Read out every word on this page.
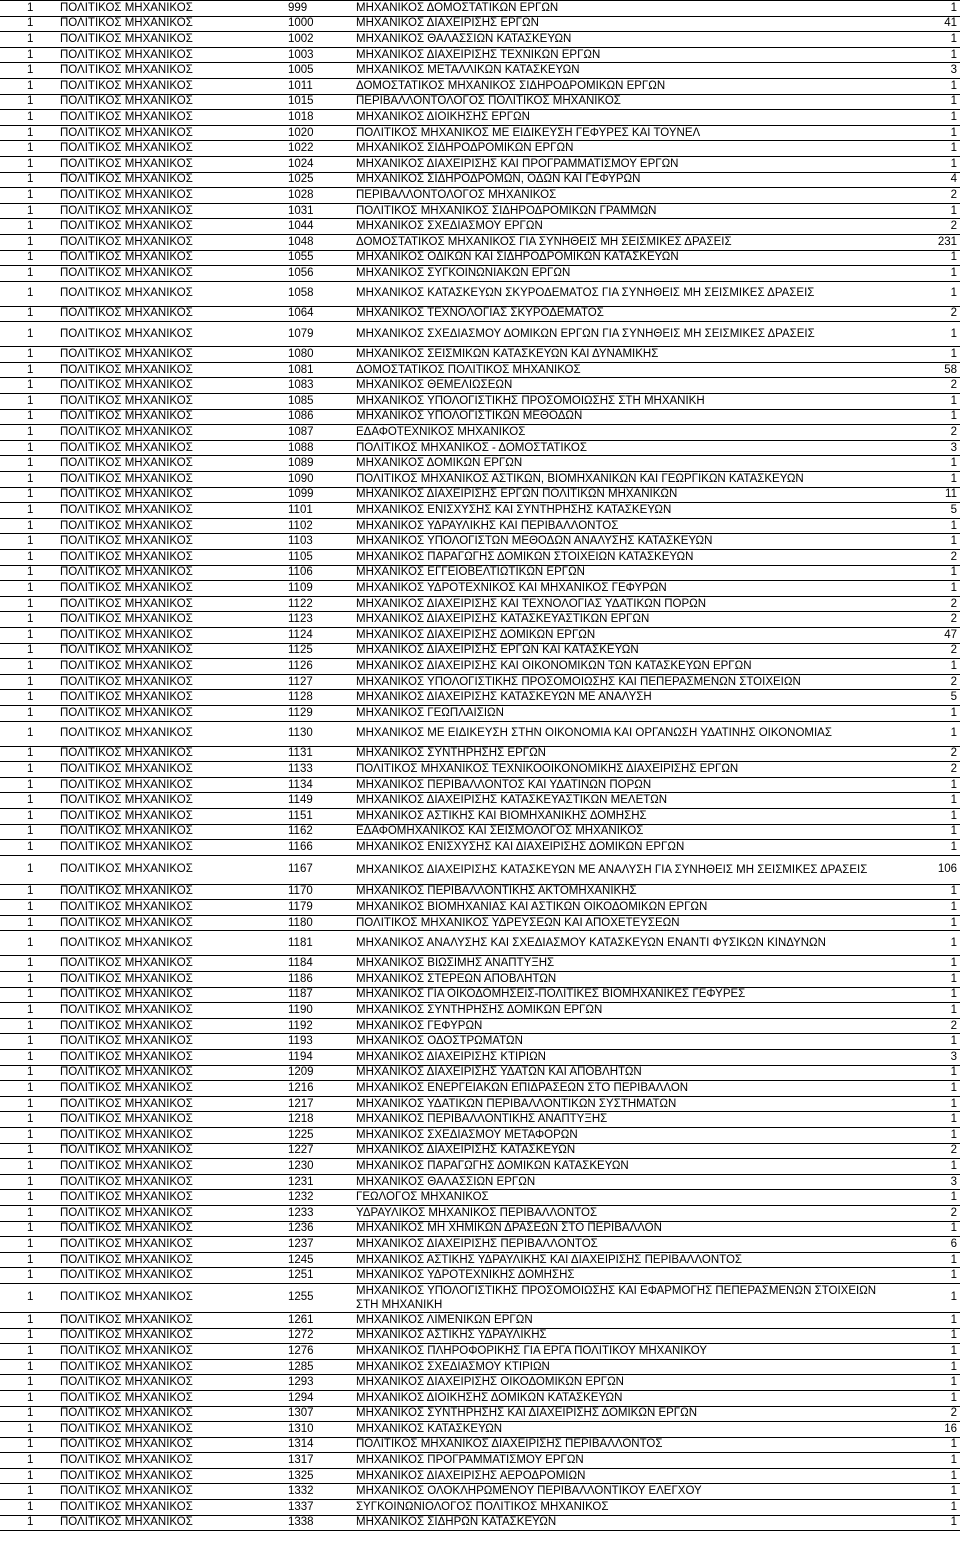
1	ΠΟΛΙΤΙΚΟΣ ΜΗΧΑΝΙΚΟΣ	999	ΜΗΧΑΝΙΚΟΣ ΔΟΜΟΣΤΑΤΙΚΩΝ ΕΡΓΩΝ	1
1	ΠΟΛΙΤΙΚΟΣ ΜΗΧΑΝΙΚΟΣ	1000	ΜΗΧΑΝΙΚΟΣ ΔΙΑΧΕΙΡΙΣΗΣ ΕΡΓΩΝ	41
1	ΠΟΛΙΤΙΚΟΣ ΜΗΧΑΝΙΚΟΣ	1002	ΜΗΧΑΝΙΚΟΣ ΘΑΛΑΣΣΙΩΝ ΚΑΤΑΣΚΕΥΩΝ	1
1	ΠΟΛΙΤΙΚΟΣ ΜΗΧΑΝΙΚΟΣ	1003	ΜΗΧΑΝΙΚΟΣ ΔΙΑΧΕΙΡΙΣΗΣ ΤΕΧΝΙΚΩΝ ΕΡΓΩΝ	1
1	ΠΟΛΙΤΙΚΟΣ ΜΗΧΑΝΙΚΟΣ	1005	ΜΗΧΑΝΙΚΟΣ ΜΕΤΑΛΛΙΚΩΝ ΚΑΤΑΣΚΕΥΩΝ	3
1	ΠΟΛΙΤΙΚΟΣ ΜΗΧΑΝΙΚΟΣ	1011	ΔΟΜΟΣΤΑΤΙΚΟΣ ΜΗΧΑΝΙΚΟΣ ΣΙΔΗΡΟΔΡΟΜΙΚΩΝ ΕΡΓΩΝ	1
1	ΠΟΛΙΤΙΚΟΣ ΜΗΧΑΝΙΚΟΣ	1015	ΠΕΡΙΒΑΛΛΟΝΤΟΛΟΓΟΣ ΠΟΛΙΤΙΚΟΣ ΜΗΧΑΝΙΚΟΣ	1
1	ΠΟΛΙΤΙΚΟΣ ΜΗΧΑΝΙΚΟΣ	1018	ΜΗΧΑΝΙΚΟΣ ΔΙΟΙΚΗΣΗΣ ΕΡΓΩΝ	1
1	ΠΟΛΙΤΙΚΟΣ ΜΗΧΑΝΙΚΟΣ	1020	ΠΟΛΙΤΙΚΟΣ ΜΗΧΑΝΙΚΟΣ ΜΕ ΕΙΔΙΚΕΥΣΗ ΓΕΦΥΡΕΣ ΚΑΙ ΤΟΥΝΕΛ	1
1	ΠΟΛΙΤΙΚΟΣ ΜΗΧΑΝΙΚΟΣ	1022	ΜΗΧΑΝΙΚΟΣ ΣΙΔΗΡΟΔΡΟΜΙΚΩΝ ΕΡΓΩΝ	1
1	ΠΟΛΙΤΙΚΟΣ ΜΗΧΑΝΙΚΟΣ	1024	ΜΗΧΑΝΙΚΟΣ ΔΙΑΧΕΙΡΙΣΗΣ ΚΑΙ ΠΡΟΓΡΑΜΜΑΤΙΣΜΟΥ ΕΡΓΩΝ	1
1	ΠΟΛΙΤΙΚΟΣ ΜΗΧΑΝΙΚΟΣ	1025	ΜΗΧΑΝΙΚΟΣ ΣΙΔΗΡΟΔΡΟΜΩΝ, ΟΔΩΝ ΚΑΙ ΓΕΦΥΡΩΝ	4
1	ΠΟΛΙΤΙΚΟΣ ΜΗΧΑΝΙΚΟΣ	1028	ΠΕΡΙΒΑΛΛΟΝΤΟΛΟΓΟΣ ΜΗΧΑΝΙΚΟΣ	2
1	ΠΟΛΙΤΙΚΟΣ ΜΗΧΑΝΙΚΟΣ	1031	ΠΟΛΙΤΙΚΟΣ ΜΗΧΑΝΙΚΟΣ ΣΙΔΗΡΟΔΡΟΜΙΚΩΝ ΓΡΑΜΜΩΝ	1
1	ΠΟΛΙΤΙΚΟΣ ΜΗΧΑΝΙΚΟΣ	1044	ΜΗΧΑΝΙΚΟΣ ΣΧΕΔΙΑΣΜΟΥ ΕΡΓΩΝ	2
1	ΠΟΛΙΤΙΚΟΣ ΜΗΧΑΝΙΚΟΣ	1048	ΔΟΜΟΣΤΑΤΙΚΟΣ ΜΗΧΑΝΙΚΟΣ ΓΙΑ ΣΥΝΗΘΕΙΣ ΜΗ ΣΕΙΣΜΙΚΕΣ ΔΡΑΣΕΙΣ	231
1	ΠΟΛΙΤΙΚΟΣ ΜΗΧΑΝΙΚΟΣ	1055	ΜΗΧΑΝΙΚΟΣ ΟΔΙΚΩΝ ΚΑΙ ΣΙΔΗΡΟΔΡΟΜΙΚΩΝ ΚΑΤΑΣΚΕΥΩΝ	1
1	ΠΟΛΙΤΙΚΟΣ ΜΗΧΑΝΙΚΟΣ	1056	ΜΗΧΑΝΙΚΟΣ ΣΥΓΚΟΙΝΩΝΙΑΚΩΝ ΕΡΓΩΝ	1
1	ΠΟΛΙΤΙΚΟΣ ΜΗΧΑΝΙΚΟΣ	1058	ΜΗΧΑΝΙΚΟΣ ΚΑΤΑΣΚΕΥΩΝ ΣΚΥΡΟΔΕΜΑΤΟΣ ΓΙΑ ΣΥΝΗΘΕΙΣ ΜΗ ΣΕΙΣΜΙΚΕΣ ΔΡΑΣΕΙΣ	1
1	ΠΟΛΙΤΙΚΟΣ ΜΗΧΑΝΙΚΟΣ	1064	ΜΗΧΑΝΙΚΟΣ ΤΕΧΝΟΛΟΓΙΑΣ ΣΚΥΡΟΔΕΜΑΤΟΣ	2
1	ΠΟΛΙΤΙΚΟΣ ΜΗΧΑΝΙΚΟΣ	1079	ΜΗΧΑΝΙΚΟΣ ΣΧΕΔΙΑΣΜΟΥ ΔΟΜΙΚΩΝ ΕΡΓΩΝ ΓΙΑ ΣΥΝΗΘΕΙΣ ΜΗ ΣΕΙΣΜΙΚΕΣ ΔΡΑΣΕΙΣ	1
1	ΠΟΛΙΤΙΚΟΣ ΜΗΧΑΝΙΚΟΣ	1080	ΜΗΧΑΝΙΚΟΣ ΣΕΙΣΜΙΚΩΝ ΚΑΤΑΣΚΕΥΩΝ ΚΑΙ ΔΥΝΑΜΙΚΗΣ	1
1	ΠΟΛΙΤΙΚΟΣ ΜΗΧΑΝΙΚΟΣ	1081	ΔΟΜΟΣΤΑΤΙΚΟΣ ΠΟΛΙΤΙΚΟΣ ΜΗΧΑΝΙΚΟΣ	58
1	ΠΟΛΙΤΙΚΟΣ ΜΗΧΑΝΙΚΟΣ	1083	ΜΗΧΑΝΙΚΟΣ ΘΕΜΕΛΙΩΣΕΩΝ	2
1	ΠΟΛΙΤΙΚΟΣ ΜΗΧΑΝΙΚΟΣ	1085	ΜΗΧΑΝΙΚΟΣ ΥΠΟΛΟΓΙΣΤΙΚΗΣ ΠΡΟΣΟΜΟΙΩΣΗΣ ΣΤΗ ΜΗΧΑΝΙΚΗ	1
1	ΠΟΛΙΤΙΚΟΣ ΜΗΧΑΝΙΚΟΣ	1086	ΜΗΧΑΝΙΚΟΣ ΥΠΟΛΟΓΙΣΤΙΚΩΝ ΜΕΘΟΔΩΝ	1
1	ΠΟΛΙΤΙΚΟΣ ΜΗΧΑΝΙΚΟΣ	1087	ΕΔΑΦΟΤΕΧΝΙΚΟΣ ΜΗΧΑΝΙΚΟΣ	2
1	ΠΟΛΙΤΙΚΟΣ ΜΗΧΑΝΙΚΟΣ	1088	ΠΟΛΙΤΙΚΟΣ ΜΗΧΑΝΙΚΟΣ - ΔΟΜΟΣΤΑΤΙΚΟΣ	3
1	ΠΟΛΙΤΙΚΟΣ ΜΗΧΑΝΙΚΟΣ	1089	ΜΗΧΑΝΙΚΟΣ ΔΟΜΙΚΩΝ ΕΡΓΩΝ	1
1	ΠΟΛΙΤΙΚΟΣ ΜΗΧΑΝΙΚΟΣ	1090	ΠΟΛΙΤΙΚΟΣ ΜΗΧΑΝΙΚΟΣ ΑΣΤΙΚΩΝ, ΒΙΟΜΗΧΑΝΙΚΩΝ ΚΑΙ ΓΕΩΡΓΙΚΩΝ ΚΑΤΑΣΚΕΥΩΝ	1
1	ΠΟΛΙΤΙΚΟΣ ΜΗΧΑΝΙΚΟΣ	1099	ΜΗΧΑΝΙΚΟΣ ΔΙΑΧΕΙΡΙΣΗΣ ΕΡΓΩΝ ΠΟΛΙΤΙΚΩΝ ΜΗΧΑΝΙΚΩΝ	11
1	ΠΟΛΙΤΙΚΟΣ ΜΗΧΑΝΙΚΟΣ	1101	ΜΗΧΑΝΙΚΟΣ ΕΝΙΣΧΥΣΗΣ ΚΑΙ ΣΥΝΤΗΡΗΣΗΣ ΚΑΤΑΣΚΕΥΩΝ	5
1	ΠΟΛΙΤΙΚΟΣ ΜΗΧΑΝΙΚΟΣ	1102	ΜΗΧΑΝΙΚΟΣ ΥΔΡΑΥΛΙΚΗΣ ΚΑΙ ΠΕΡΙΒΑΛΛΟΝΤΟΣ	1
1	ΠΟΛΙΤΙΚΟΣ ΜΗΧΑΝΙΚΟΣ	1103	ΜΗΧΑΝΙΚΟΣ ΥΠΟΛΟΓΙΣΤΩΝ ΜΕΘΟΔΩΝ ΑΝΑΛΥΣΗΣ ΚΑΤΑΣΚΕΥΩΝ	1
1	ΠΟΛΙΤΙΚΟΣ ΜΗΧΑΝΙΚΟΣ	1105	ΜΗΧΑΝΙΚΟΣ ΠΑΡΑΓΩΓΗΣ ΔΟΜΙΚΩΝ ΣΤΟΙΧΕΙΩΝ ΚΑΤΑΣΚΕΥΩΝ	2
1	ΠΟΛΙΤΙΚΟΣ ΜΗΧΑΝΙΚΟΣ	1106	ΜΗΧΑΝΙΚΟΣ ΕΓΓΕΙΟΒΕΛΤΙΩΤΙΚΩΝ ΕΡΓΩΝ	1
1	ΠΟΛΙΤΙΚΟΣ ΜΗΧΑΝΙΚΟΣ	1109	ΜΗΧΑΝΙΚΟΣ ΥΔΡΟΤΕΧΝΙΚΟΣ ΚΑΙ ΜΗΧΑΝΙΚΟΣ ΓΕΦΥΡΩΝ	1
1	ΠΟΛΙΤΙΚΟΣ ΜΗΧΑΝΙΚΟΣ	1122	ΜΗΧΑΝΙΚΟΣ ΔΙΑΧΕΙΡΙΣΗΣ ΚΑΙ ΤΕΧΝΟΛΟΓΙΑΣ ΥΔΑΤΙΚΩΝ ΠΟΡΩΝ	2
1	ΠΟΛΙΤΙΚΟΣ ΜΗΧΑΝΙΚΟΣ	1123	ΜΗΧΑΝΙΚΟΣ ΔΙΑΧΕΙΡΙΣΗΣ ΚΑΤΑΣΚΕΥΑΣΤΙΚΩΝ ΕΡΓΩΝ	2
1	ΠΟΛΙΤΙΚΟΣ ΜΗΧΑΝΙΚΟΣ	1124	ΜΗΧΑΝΙΚΟΣ ΔΙΑΧΕΙΡΙΣΗΣ ΔΟΜΙΚΩΝ ΕΡΓΩΝ	47
1	ΠΟΛΙΤΙΚΟΣ ΜΗΧΑΝΙΚΟΣ	1125	ΜΗΧΑΝΙΚΟΣ ΔΙΑΧΕΙΡΙΣΗΣ ΕΡΓΩΝ ΚΑΙ ΚΑΤΑΣΚΕΥΩΝ	2
1	ΠΟΛΙΤΙΚΟΣ ΜΗΧΑΝΙΚΟΣ	1126	ΜΗΧΑΝΙΚΟΣ ΔΙΑΧΕΙΡΙΣΗΣ ΚΑΙ ΟΙΚΟΝΟΜΙΚΩΝ ΤΩΝ ΚΑΤΑΣΚΕΥΩΝ ΕΡΓΩΝ	1
1	ΠΟΛΙΤΙΚΟΣ ΜΗΧΑΝΙΚΟΣ	1127	ΜΗΧΑΝΙΚΟΣ ΥΠΟΛΟΓΙΣΤΙΚΗΣ ΠΡΟΣΟΜΟΙΩΣΗΣ ΚΑΙ ΠΕΠΕΡΑΣΜΕΝΩΝ ΣΤΟΙΧΕΙΩΝ	2
1	ΠΟΛΙΤΙΚΟΣ ΜΗΧΑΝΙΚΟΣ	1128	ΜΗΧΑΝΙΚΟΣ ΔΙΑΧΕΙΡΙΣΗΣ ΚΑΤΑΣΚΕΥΩΝ ΜΕ ΑΝΑΛΥΣΗ	5
1	ΠΟΛΙΤΙΚΟΣ ΜΗΧΑΝΙΚΟΣ	1129	ΜΗΧΑΝΙΚΟΣ ΓΕΩΠΛΑΙΣΙΩΝ	1
1	ΠΟΛΙΤΙΚΟΣ ΜΗΧΑΝΙΚΟΣ	1130	ΜΗΧΑΝΙΚΟΣ ΜΕ ΕΙΔΙΚΕΥΣΗ ΣΤΗΝ ΟΙΚΟΝΟΜΙΑ ΚΑΙ ΟΡΓΑΝΩΣΗ ΥΔΑΤΙΝΗΣ ΟΙΚΟΝΟΜΙΑΣ	1
1	ΠΟΛΙΤΙΚΟΣ ΜΗΧΑΝΙΚΟΣ	1131	ΜΗΧΑΝΙΚΟΣ ΣΥΝΤΗΡΗΣΗΣ ΕΡΓΩΝ	2
1	ΠΟΛΙΤΙΚΟΣ ΜΗΧΑΝΙΚΟΣ	1133	ΠΟΛΙΤΙΚΟΣ ΜΗΧΑΝΙΚΟΣ ΤΕΧΝΙΚΟΟΙΚΟΝΟΜΙΚΗΣ ΔΙΑΧΕΙΡΙΣΗΣ ΕΡΓΩΝ	2
1	ΠΟΛΙΤΙΚΟΣ ΜΗΧΑΝΙΚΟΣ	1134	ΜΗΧΑΝΙΚΟΣ ΠΕΡΙΒΑΛΛΟΝΤΟΣ ΚΑΙ ΥΔΑΤΙΝΩΝ ΠΟΡΩΝ	1
1	ΠΟΛΙΤΙΚΟΣ ΜΗΧΑΝΙΚΟΣ	1149	ΜΗΧΑΝΙΚΟΣ ΔΙΑΧΕΙΡΙΣΗΣ ΚΑΤΑΣΚΕΥΑΣΤΙΚΩΝ ΜΕΛΕΤΩΝ	1
1	ΠΟΛΙΤΙΚΟΣ ΜΗΧΑΝΙΚΟΣ	1151	ΜΗΧΑΝΙΚΟΣ ΑΣΤΙΚΗΣ ΚΑΙ ΒΙΟΜΗΧΑΝΙΚΗΣ ΔΟΜΗΣΗΣ	1
1	ΠΟΛΙΤΙΚΟΣ ΜΗΧΑΝΙΚΟΣ	1162	ΕΔΑΦΟΜΗΧΑΝΙΚΟΣ ΚΑΙ ΣΕΙΣΜΟΛΟΓΟΣ ΜΗΧΑΝΙΚΟΣ	1
1	ΠΟΛΙΤΙΚΟΣ ΜΗΧΑΝΙΚΟΣ	1166	ΜΗΧΑΝΙΚΟΣ ΕΝΙΣΧΥΣΗΣ ΚΑΙ ΔΙΑΧΕΙΡΙΣΗΣ ΔΟΜΙΚΩΝ ΕΡΓΩΝ	1
1	ΠΟΛΙΤΙΚΟΣ ΜΗΧΑΝΙΚΟΣ	1167	ΜΗΧΑΝΙΚΟΣ ΔΙΑΧΕΙΡΙΣΗΣ ΚΑΤΑΣΚΕΥΩΝ ΜΕ ΑΝΑΛΥΣΗ ΓΙΑ ΣΥΝΗΘΕΙΣ ΜΗ ΣΕΙΣΜΙΚΕΣ ΔΡΑΣΕΙΣ	106
1	ΠΟΛΙΤΙΚΟΣ ΜΗΧΑΝΙΚΟΣ	1170	ΜΗΧΑΝΙΚΟΣ ΠΕΡΙΒΑΛΛΟΝΤΙΚΗΣ ΑΚΤΟΜΗΧΑΝΙΚΗΣ	1
1	ΠΟΛΙΤΙΚΟΣ ΜΗΧΑΝΙΚΟΣ	1179	ΜΗΧΑΝΙΚΟΣ ΒΙΟΜΗΧΑΝΙΑΣ ΚΑΙ ΑΣΤΙΚΩΝ ΟΙΚΟΔΟΜΙΚΩΝ ΕΡΓΩΝ	1
1	ΠΟΛΙΤΙΚΟΣ ΜΗΧΑΝΙΚΟΣ	1180	ΠΟΛΙΤΙΚΟΣ ΜΗΧΑΝΙΚΟΣ ΥΔΡΕΥΣΕΩΝ ΚΑΙ ΑΠΟΧΕΤΕΥΣΕΩΝ	1
1	ΠΟΛΙΤΙΚΟΣ ΜΗΧΑΝΙΚΟΣ	1181	ΜΗΧΑΝΙΚΟΣ ΑΝΑΛΥΣΗΣ ΚΑΙ ΣΧΕΔΙΑΣΜΟΥ ΚΑΤΑΣΚΕΥΩΝ ΕΝΑΝΤΙ ΦΥΣΙΚΩΝ ΚΙΝΔΥΝΩΝ	1
1	ΠΟΛΙΤΙΚΟΣ ΜΗΧΑΝΙΚΟΣ	1184	ΜΗΧΑΝΙΚΟΣ ΒΙΩΣΙΜΗΣ ΑΝΑΠΤΥΞΗΣ	1
1	ΠΟΛΙΤΙΚΟΣ ΜΗΧΑΝΙΚΟΣ	1186	ΜΗΧΑΝΙΚΟΣ ΣΤΕΡΕΩΝ ΑΠΟΒΛΗΤΩΝ	1
1	ΠΟΛΙΤΙΚΟΣ ΜΗΧΑΝΙΚΟΣ	1187	ΜΗΧΑΝΙΚΟΣ ΓΙΑ ΟΙΚΟΔΟΜΗΣΕΙΣ-ΠΟΛΙΤΙΚΕΣ ΒΙΟΜΗΧΑΝΙΚΕΣ ΓΕΦΥΡΕΣ	1
1	ΠΟΛΙΤΙΚΟΣ ΜΗΧΑΝΙΚΟΣ	1190	ΜΗΧΑΝΙΚΟΣ ΣΥΝΤΗΡΗΣΗΣ ΔΟΜΙΚΩΝ ΕΡΓΩΝ	1
1	ΠΟΛΙΤΙΚΟΣ ΜΗΧΑΝΙΚΟΣ	1192	ΜΗΧΑΝΙΚΟΣ ΓΕΦΥΡΩΝ	2
1	ΠΟΛΙΤΙΚΟΣ ΜΗΧΑΝΙΚΟΣ	1193	ΜΗΧΑΝΙΚΟΣ ΟΔΟΣΤΡΩΜΑΤΩΝ	1
1	ΠΟΛΙΤΙΚΟΣ ΜΗΧΑΝΙΚΟΣ	1194	ΜΗΧΑΝΙΚΟΣ ΔΙΑΧΕΙΡΙΣΗΣ ΚΤΙΡΙΩΝ	3
1	ΠΟΛΙΤΙΚΟΣ ΜΗΧΑΝΙΚΟΣ	1209	ΜΗΧΑΝΙΚΟΣ ΔΙΑΧΕΙΡΙΣΗΣ ΥΔΑΤΩΝ ΚΑΙ ΑΠΟΒΛΗΤΩΝ	1
1	ΠΟΛΙΤΙΚΟΣ ΜΗΧΑΝΙΚΟΣ	1216	ΜΗΧΑΝΙΚΟΣ ΕΝΕΡΓΕΙΑΚΩΝ ΕΠΙΔΡΑΣΕΩΝ ΣΤΟ ΠΕΡΙΒΑΛΛΟΝ	1
1	ΠΟΛΙΤΙΚΟΣ ΜΗΧΑΝΙΚΟΣ	1217	ΜΗΧΑΝΙΚΟΣ ΥΔΑΤΙΚΩΝ ΠΕΡΙΒΑΛΛΟΝΤΙΚΩΝ ΣΥΣΤΗΜΑΤΩΝ	1
1	ΠΟΛΙΤΙΚΟΣ ΜΗΧΑΝΙΚΟΣ	1218	ΜΗΧΑΝΙΚΟΣ ΠΕΡΙΒΑΛΛΟΝΤΙΚΗΣ ΑΝΑΠΤΥΞΗΣ	1
1	ΠΟΛΙΤΙΚΟΣ ΜΗΧΑΝΙΚΟΣ	1225	ΜΗΧΑΝΙΚΟΣ ΣΧΕΔΙΑΣΜΟΥ ΜΕΤΑΦΟΡΩΝ	1
1	ΠΟΛΙΤΙΚΟΣ ΜΗΧΑΝΙΚΟΣ	1227	ΜΗΧΑΝΙΚΟΣ ΔΙΑΧΕΙΡΙΣΗΣ ΚΑΤΑΣΚΕΥΩΝ	2
1	ΠΟΛΙΤΙΚΟΣ ΜΗΧΑΝΙΚΟΣ	1230	ΜΗΧΑΝΙΚΟΣ ΠΑΡΑΓΩΓΗΣ ΔΟΜΙΚΩΝ ΚΑΤΑΣΚΕΥΩΝ	1
1	ΠΟΛΙΤΙΚΟΣ ΜΗΧΑΝΙΚΟΣ	1231	ΜΗΧΑΝΙΚΟΣ ΘΑΛΑΣΣΙΩΝ ΕΡΓΩΝ	3
1	ΠΟΛΙΤΙΚΟΣ ΜΗΧΑΝΙΚΟΣ	1232	ΓΕΩΛΟΓΟΣ ΜΗΧΑΝΙΚΟΣ	1
1	ΠΟΛΙΤΙΚΟΣ ΜΗΧΑΝΙΚΟΣ	1233	ΥΔΡΑΥΛΙΚΟΣ ΜΗΧΑΝΙΚΟΣ ΠΕΡΙΒΑΛΛΟΝΤΟΣ	2
1	ΠΟΛΙΤΙΚΟΣ ΜΗΧΑΝΙΚΟΣ	1236	ΜΗΧΑΝΙΚΟΣ ΜΗ ΧΗΜΙΚΩΝ ΔΡΑΣΕΩΝ ΣΤΟ ΠΕΡΙΒΑΛΛΟΝ	1
1	ΠΟΛΙΤΙΚΟΣ ΜΗΧΑΝΙΚΟΣ	1237	ΜΗΧΑΝΙΚΟΣ ΔΙΑΧΕΙΡΙΣΗΣ ΠΕΡΙΒΑΛΛΟΝΤΟΣ	6
1	ΠΟΛΙΤΙΚΟΣ ΜΗΧΑΝΙΚΟΣ	1245	ΜΗΧΑΝΙΚΟΣ ΑΣΤΙΚΗΣ ΥΔΡΑΥΛΙΚΗΣ ΚΑΙ ΔΙΑΧΕΙΡΙΣΗΣ ΠΕΡΙΒΑΛΛΟΝΤΟΣ	1
1	ΠΟΛΙΤΙΚΟΣ ΜΗΧΑΝΙΚΟΣ	1251	ΜΗΧΑΝΙΚΟΣ ΥΔΡΟΤΕΧΝΙΚΗΣ ΔΟΜΗΣΗΣ	1
1	ΠΟΛΙΤΙΚΟΣ ΜΗΧΑΝΙΚΟΣ	1255	ΜΗΧΑΝΙΚΟΣ ΥΠΟΛΟΓΙΣΤΙΚΗΣ ΠΡΟΣΟΜΟΙΩΣΗΣ ΚΑΙ ΕΦΑΡΜΟΓΗΣ ΠΕΠΕΡΑΣΜΕΝΩΝ ΣΤΟΙΧΕΙΩΝ ΣΤΗ ΜΗΧΑΝΙΚΗ	1
1	ΠΟΛΙΤΙΚΟΣ ΜΗΧΑΝΙΚΟΣ	1261	ΜΗΧΑΝΙΚΟΣ ΛΙΜΕΝΙΚΩΝ ΕΡΓΩΝ	1
1	ΠΟΛΙΤΙΚΟΣ ΜΗΧΑΝΙΚΟΣ	1272	ΜΗΧΑΝΙΚΟΣ ΑΣΤΙΚΗΣ ΥΔΡΑΥΛΙΚΗΣ	1
1	ΠΟΛΙΤΙΚΟΣ ΜΗΧΑΝΙΚΟΣ	1276	ΜΗΧΑΝΙΚΟΣ ΠΛΗΡΟΦΟΡΙΚΗΣ ΓΙΑ ΕΡΓΑ ΠΟΛΙΤΙΚΟΥ ΜΗΧΑΝΙΚΟΥ	1
1	ΠΟΛΙΤΙΚΟΣ ΜΗΧΑΝΙΚΟΣ	1285	ΜΗΧΑΝΙΚΟΣ ΣΧΕΔΙΑΣΜΟΥ ΚΤΙΡΙΩΝ	1
1	ΠΟΛΙΤΙΚΟΣ ΜΗΧΑΝΙΚΟΣ	1293	ΜΗΧΑΝΙΚΟΣ ΔΙΑΧΕΙΡΙΣΗΣ ΟΙΚΟΔΟΜΙΚΩΝ ΕΡΓΩΝ	1
1	ΠΟΛΙΤΙΚΟΣ ΜΗΧΑΝΙΚΟΣ	1294	ΜΗΧΑΝΙΚΟΣ ΔΙΟΙΚΗΣΗΣ ΔΟΜΙΚΩΝ ΚΑΤΑΣΚΕΥΩΝ	1
1	ΠΟΛΙΤΙΚΟΣ ΜΗΧΑΝΙΚΟΣ	1307	ΜΗΧΑΝΙΚΟΣ ΣΥΝΤΗΡΗΣΗΣ ΚΑΙ ΔΙΑΧΕΙΡΙΣΗΣ ΔΟΜΙΚΩΝ ΕΡΓΩΝ	2
1	ΠΟΛΙΤΙΚΟΣ ΜΗΧΑΝΙΚΟΣ	1310	ΜΗΧΑΝΙΚΟΣ ΚΑΤΑΣΚΕΥΩΝ	16
1	ΠΟΛΙΤΙΚΟΣ ΜΗΧΑΝΙΚΟΣ	1314	ΠΟΛΙΤΙΚΟΣ ΜΗΧΑΝΙΚΟΣ ΔΙΑΧΕΙΡΙΣΗΣ ΠΕΡΙΒΑΛΛΟΝΤΟΣ	1
1	ΠΟΛΙΤΙΚΟΣ ΜΗΧΑΝΙΚΟΣ	1317	ΜΗΧΑΝΙΚΟΣ ΠΡΟΓΡΑΜΜΑΤΙΣΜΟΥ ΕΡΓΩΝ	1
1	ΠΟΛΙΤΙΚΟΣ ΜΗΧΑΝΙΚΟΣ	1325	ΜΗΧΑΝΙΚΟΣ ΔΙΑΧΕΙΡΙΣΗΣ ΑΕΡΟΔΡΟΜΙΩΝ	1
1	ΠΟΛΙΤΙΚΟΣ ΜΗΧΑΝΙΚΟΣ	1332	ΜΗΧΑΝΙΚΟΣ ΟΛΟΚΛΗΡΩΜΕΝΟΥ ΠΕΡΙΒΑΛΛΟΝΤΙΚΟΥ ΕΛΕΓΧΟΥ	1
1	ΠΟΛΙΤΙΚΟΣ ΜΗΧΑΝΙΚΟΣ	1337	ΣΥΓΚΟΙΝΩΝΙΟΛΟΓΟΣ ΠΟΛΙΤΙΚΟΣ ΜΗΧΑΝΙΚΟΣ	1
1	ΠΟΛΙΤΙΚΟΣ ΜΗΧΑΝΙΚΟΣ	1338	ΜΗΧΑΝΙΚΟΣ ΣΙΔΗΡΩΝ ΚΑΤΑΣΚΕΥΩΝ	1
